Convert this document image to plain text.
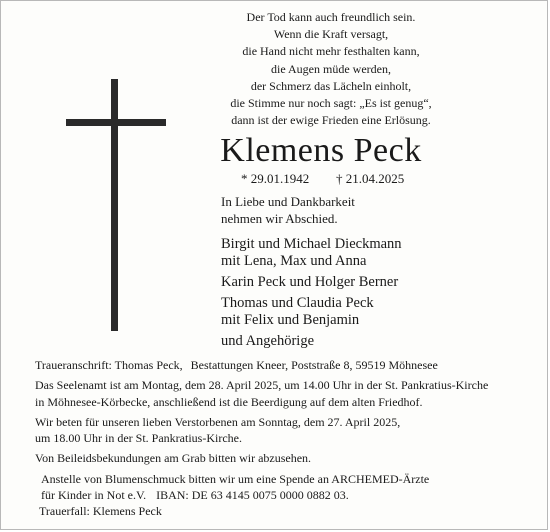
Der Tod kann auch freundlich sein.
Wenn die Kraft versagt,
die Hand nicht mehr festhalten kann,
die Augen müde werden,
der Schmerz das Lächeln einholt,
die Stimme nur noch sagt: „Es ist genug“,
dann ist der ewige Frieden eine Erlösung.
Klemens Peck
* 29.01.1942 † 21.04.2025
In Liebe und Dankbarkeit
nehmen wir Abschied.
Birgit und Michael Dieckmann
mit Lena, Max und Anna
Karin Peck und Holger Berner
Thomas und Claudia Peck
mit Felix und Benjamin
und Angehörige
Traueranschrift: Thomas Peck, Bestattungen Kneer, Poststraße 8, 59519 Möhnesee
Das Seelenamt ist am Montag, dem 28. April 2025, um 14.00 Uhr in der St. Pankratius-Kirche
in Möhnesee-Körbecke, anschließend ist die Beerdigung auf dem alten Friedhof.
Wir beten für unseren lieben Verstorbenen am Sonntag, dem 27. April 2025,
um 18.00 Uhr in der St. Pankratius-Kirche.
Von Beileidsbekundungen am Grab bitten wir abzusehen.
Anstelle von Blumenschmuck bitten wir um eine Spende an ARCHEMED-Ärzte
für Kinder in Not e.V. IBAN: DE 63 4145 0075 0000 0882 03.
Trauerfall: Klemens Peck
